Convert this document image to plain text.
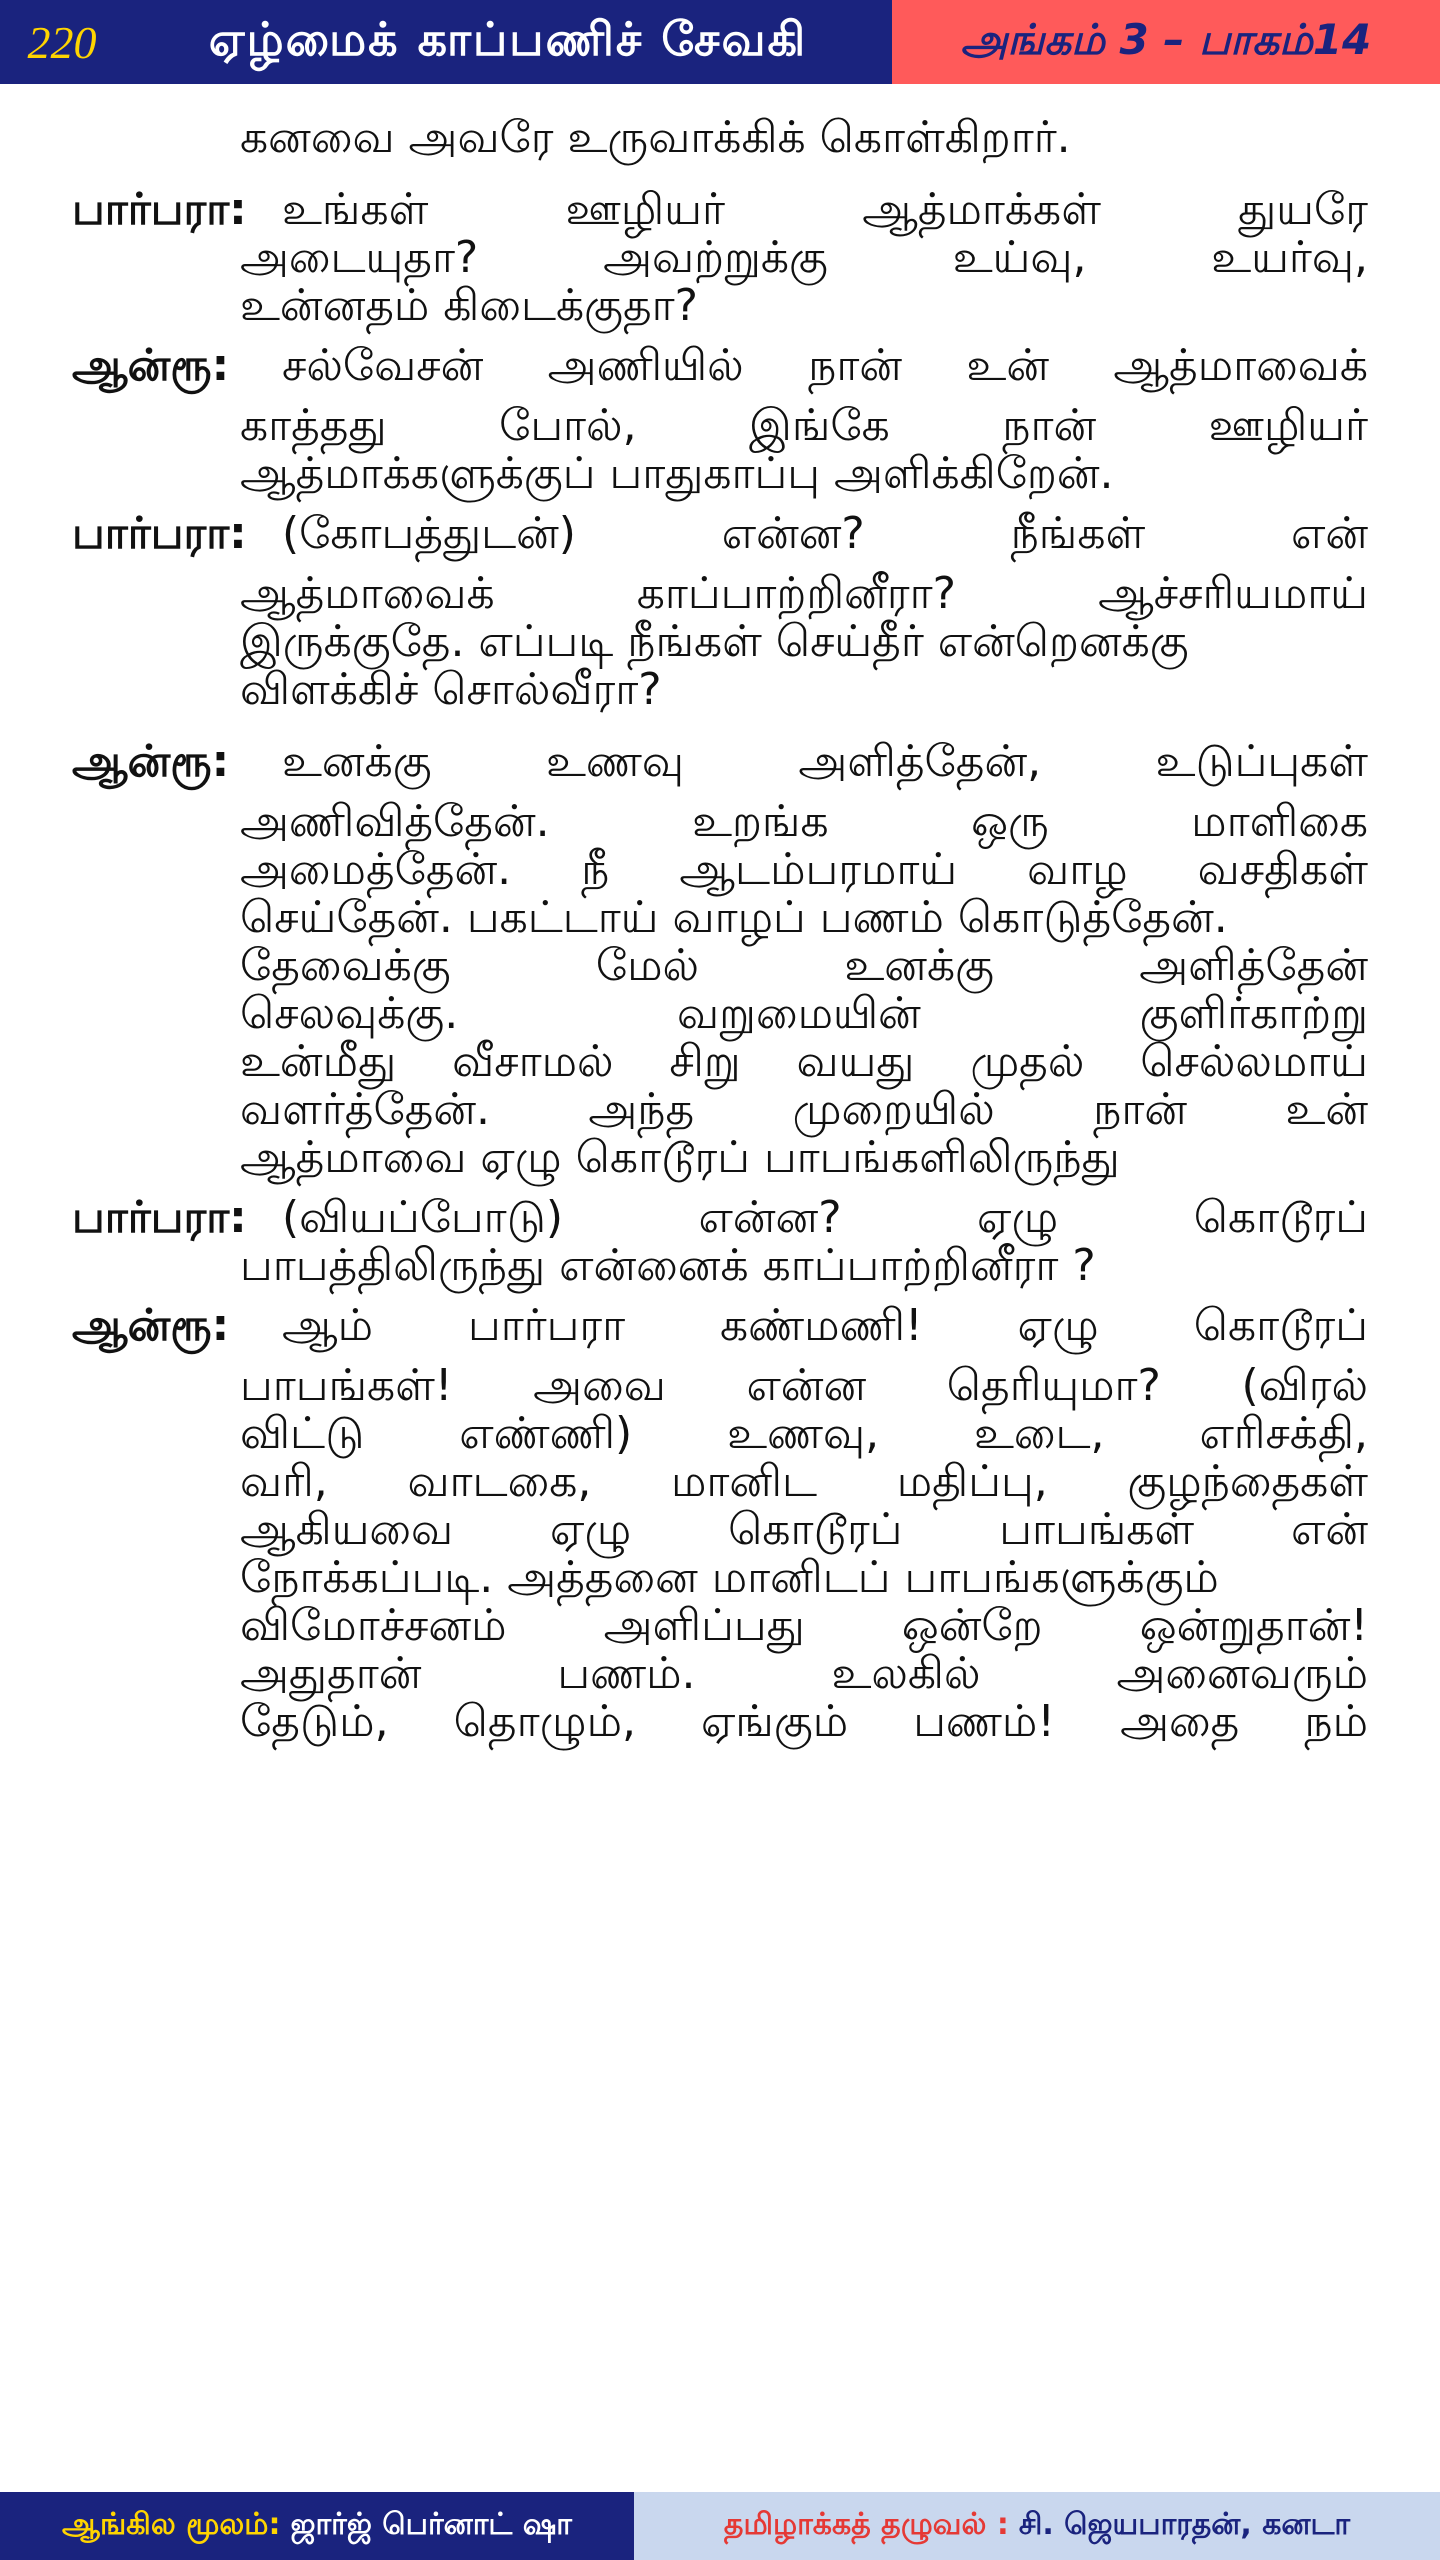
220	ஏழ்மைக் காப்பணிச் சேவகி	அங்கம் 3 – பாகம்14
கனவை அவரே உருவாக்கிக் கொள்கிறார்.
பார்பரா: உங்கள் ஊழியர் ஆத்மாக்கள் துயரே
அடையுதா? அவற்றுக்கு உய்வு, உயர்வு,
உன்னதம் கிடைக்குதா?
ஆன்ரூ: சல்வேசன் அணியில் நான் உன் ஆத்மாவைக்
காத்தது போல், இங்கே நான் ஊழியர்
ஆத்மாக்களுக்குப் பாதுகாப்பு அளிக்கிறேன்.
பார்பரா: (கோபத்துடன்) என்ன? நீங்கள் என்
ஆத்மாவைக் காப்பாற்றினீரா? ஆச்சரியமாய்
இருக்குதே. எப்படி நீங்கள் செய்தீர் என்றெனக்கு
விளக்கிச் சொல்வீரா?
ஆன்ரூ: உனக்கு உணவு அளித்தேன், உடுப்புகள்
அணிவித்தேன். உறங்க ஒரு மாளிகை
அமைத்தேன். நீ ஆடம்பரமாய் வாழ வசதிகள்
செய்தேன். பகட்டாய் வாழப் பணம் கொடுத்தேன்.
தேவைக்கு மேல் உனக்கு அளித்தேன்
செலவுக்கு. வறுமையின் குளிர்காற்று
உன்மீது வீசாமல் சிறு வயது முதல் செல்லமாய்
வளர்த்தேன். அந்த முறையில் நான் உன்
ஆத்மாவை ஏழு கொடூரப் பாபங்களிலிருந்து
பார்பரா: (வியப்போடு) என்ன? ஏழு கொடூரப்
பாபத்திலிருந்து என்னைக் காப்பாற்றினீரா ?
ஆன்ரூ: ஆம் பார்பரா கண்மணி! ஏழு கொடூரப்
பாபங்கள்! அவை என்ன தெரியுமா? (விரல்
விட்டு எண்ணி) உணவு, உடை, எரிசக்தி,
வரி, வாடகை, மானிட மதிப்பு, குழந்தைகள்
ஆகியவை ஏழு கொடூரப் பாபங்கள் என்
நோக்கப்படி. அத்தனை மானிடப் பாபங்களுக்கும்
விமோச்சனம் அளிப்பது ஒன்றே ஒன்றுதான்!
அதுதான் பணம். உலகில் அனைவரும்
தேடும், தொழும், ஏங்கும் பணம்! அதை நம்
ஆங்கில மூலம்: ஜார்ஜ் பெர்னாட் ஷா	தமிழாக்கத் தழுவல் : சி. ஜெயபாரதன், கனடா
